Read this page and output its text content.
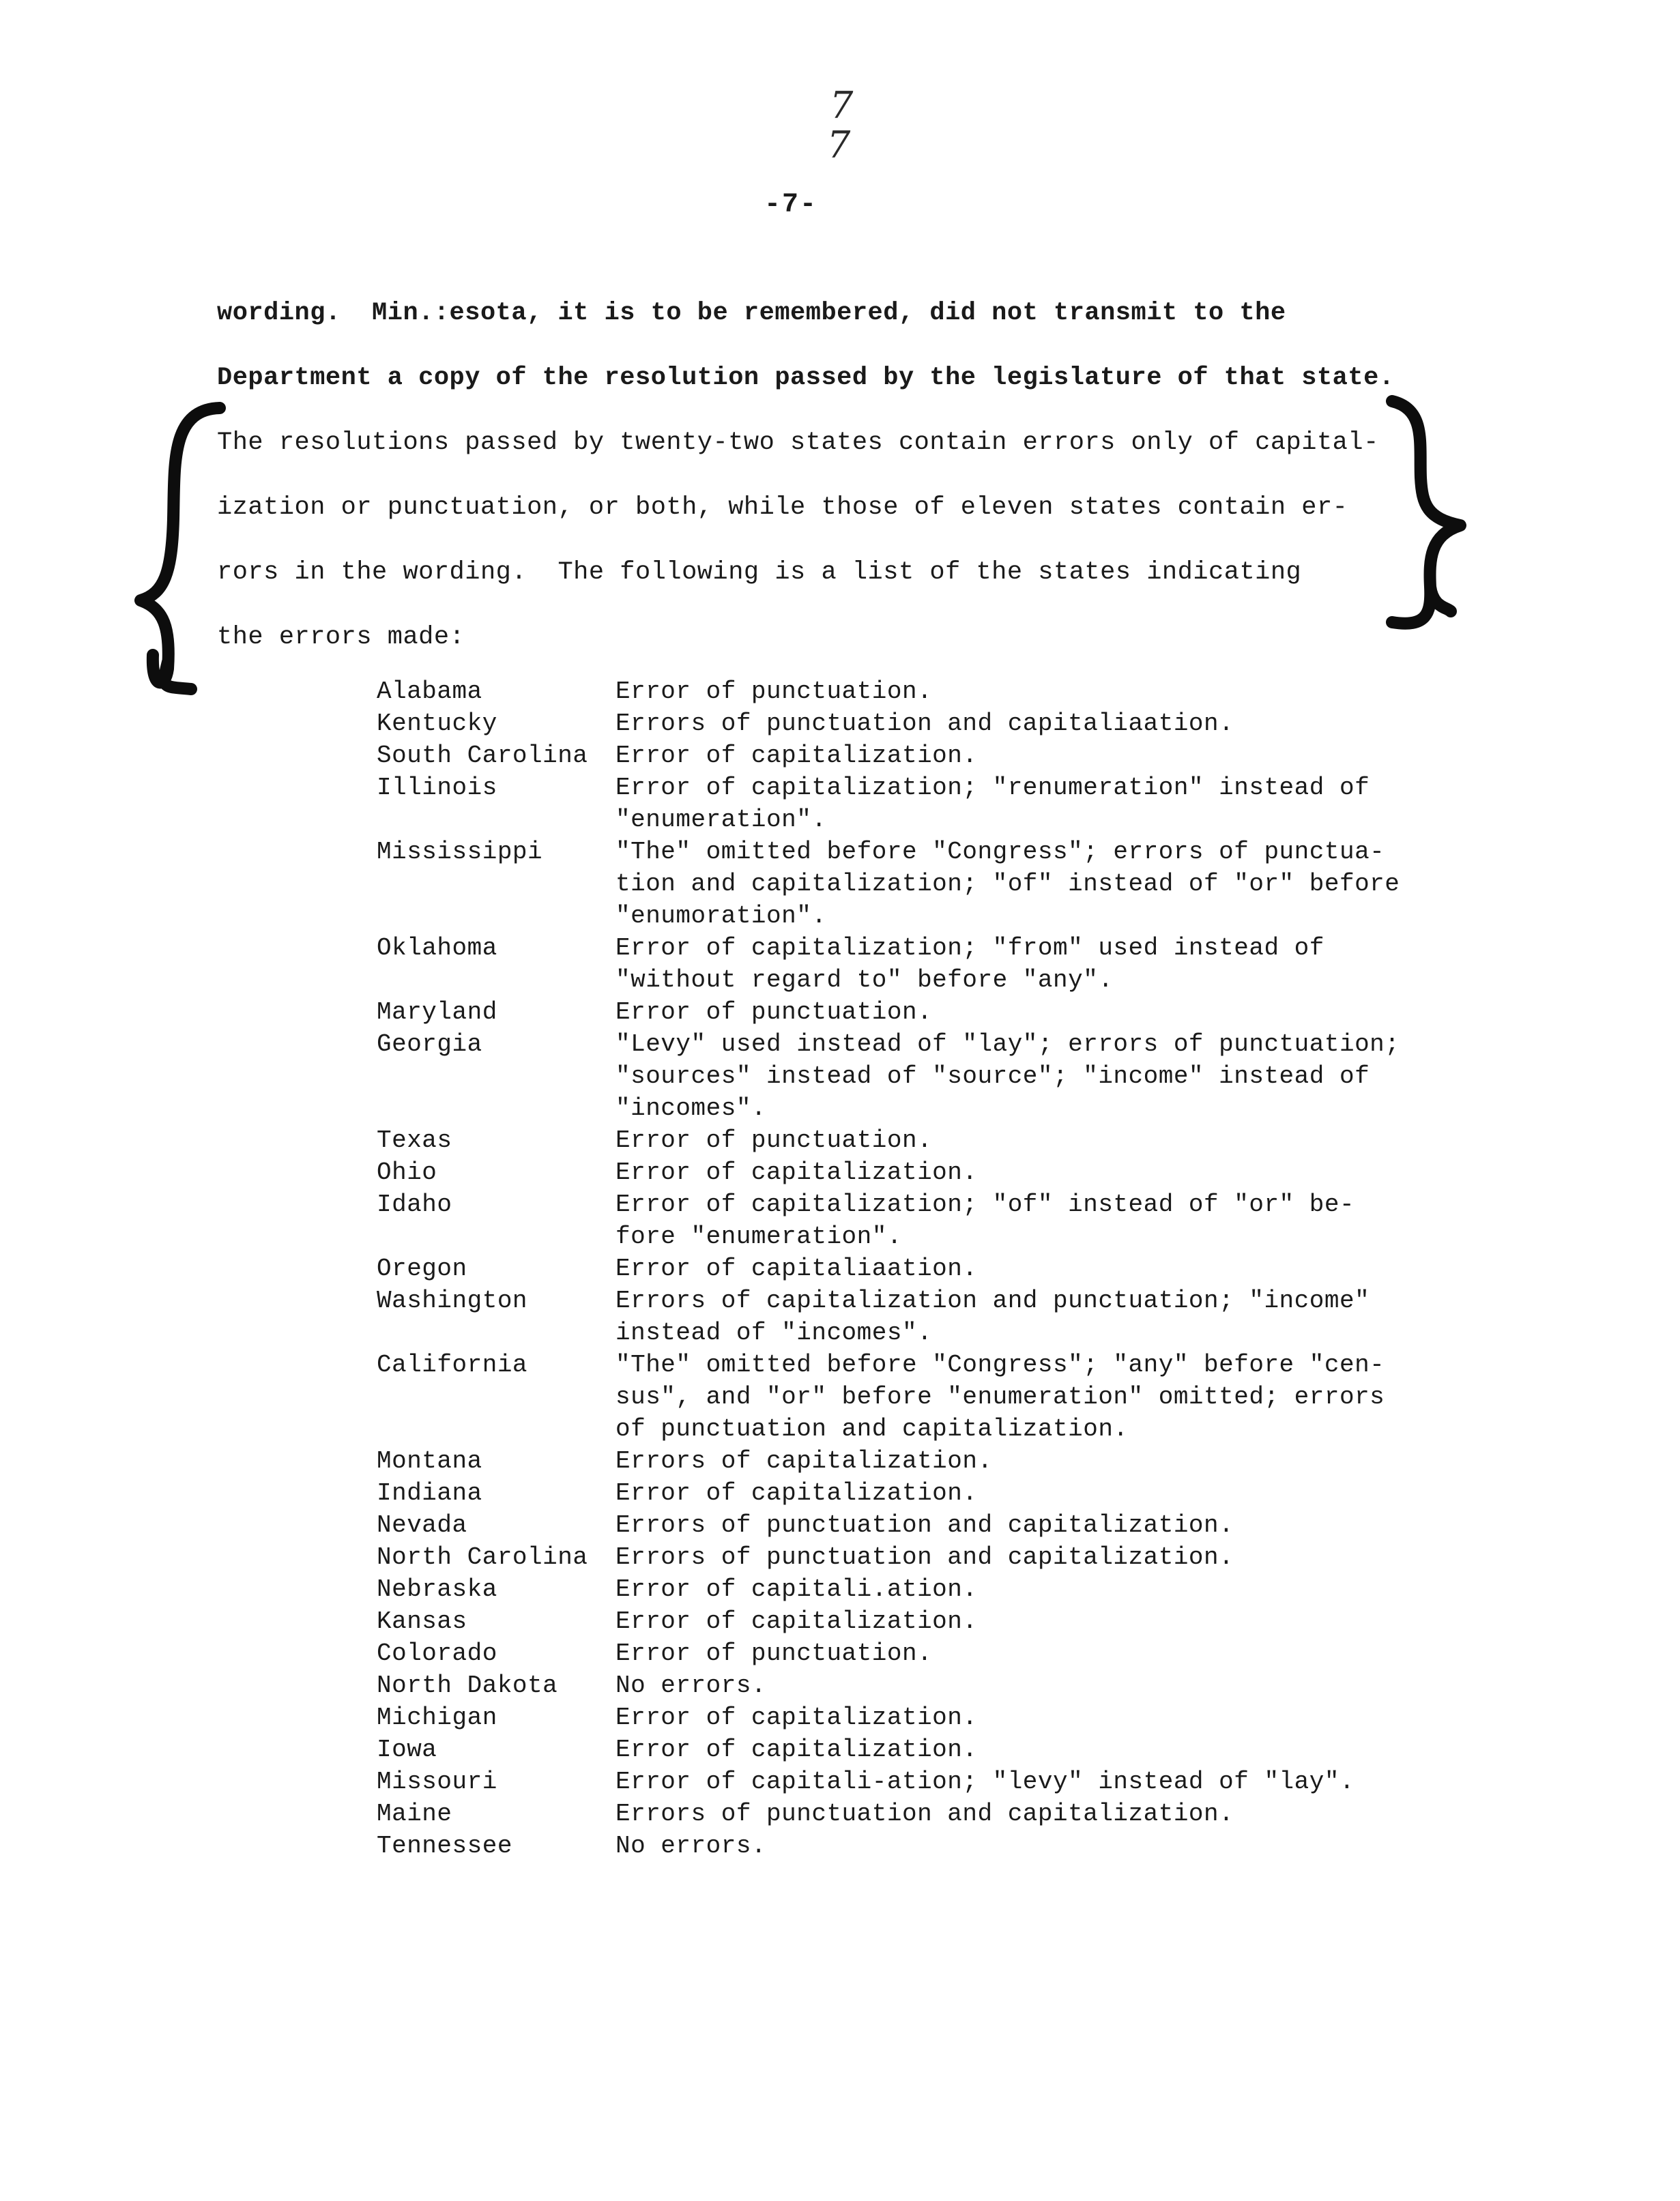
7
7
-7-
wording.  Min.:esota, it is to be remembered, did not transmit to the
Department a copy of the resolution passed by the legislature of that state.
The resolutions passed by twenty-two states contain errors only of capital-
ization or punctuation, or both, while those of eleven states contain er-
rors in the wording.  The following is a list of the states indicating
the errors made:
Alabama	Error of punctuation.
Kentucky	Errors of punctuation and capitaliaation.
South Carolina	Error of capitalization.
Illinois	Error of capitalization; "renumeration" instead of
"enumeration".
Mississippi	"The" omitted before "Congress"; errors of punctua-
tion and capitalization; "of" instead of "or" before
"enumoration".
Oklahoma	Error of capitalization; "from" used instead of
"without regard to" before "any".
Maryland	Error of punctuation.
Georgia	"Levy" used instead of "lay"; errors of punctuation;
"sources" instead of "source"; "income" instead of
"incomes".
Texas	Error of punctuation.
Ohio	Error of capitalization.
Idaho	Error of capitalization; "of" instead of "or" be-
fore "enumeration".
Oregon	Error of capitaliaation.
Washington	Errors of capitalization and punctuation; "income"
instead of "incomes".
California	"The" omitted before "Congress"; "any" before "cen-
sus", and "or" before "enumeration" omitted; errors
of punctuation and capitalization.
Montana	Errors of capitalization.
Indiana	Error of capitalization.
Nevada	Errors of punctuation and capitalization.
North Carolina	Errors of punctuation and capitalization.
Nebraska	Error of capitali.ation.
Kansas	Error of capitalization.
Colorado	Error of punctuation.
North Dakota	No errors.
Michigan	Error of capitalization.
Iowa	Error of capitalization.
Missouri	Error of capitali-ation; "levy" instead of "lay".
Maine	Errors of punctuation and capitalization.
Tennessee	No errors.
